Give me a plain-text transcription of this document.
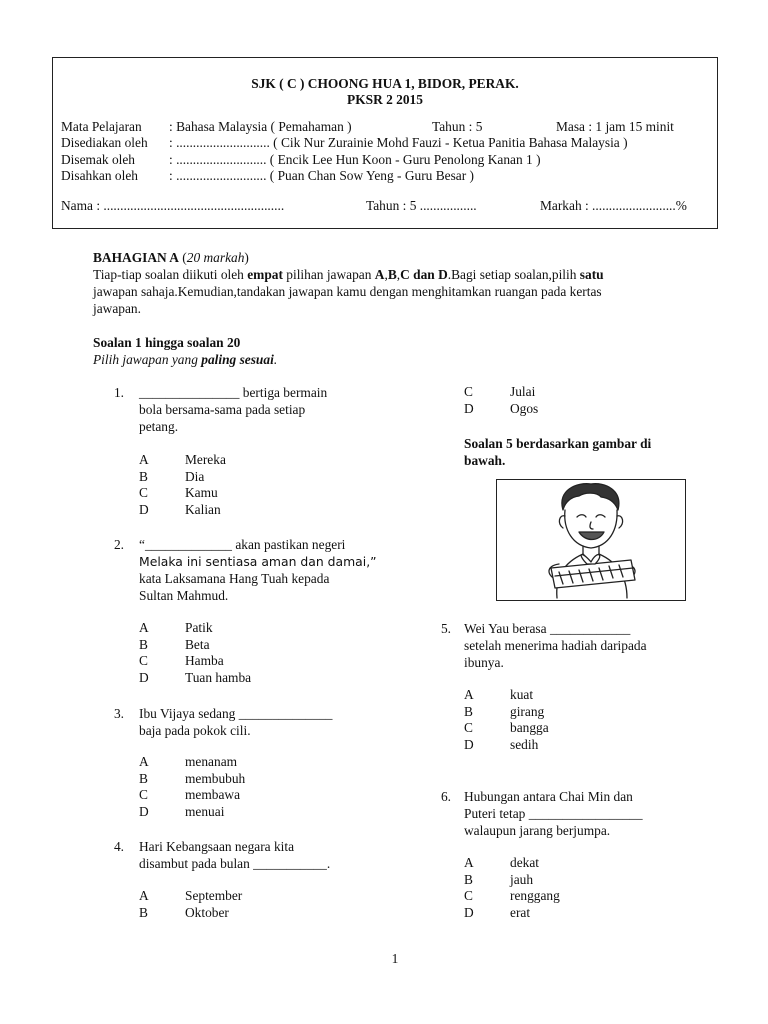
SJK ( C ) CHOONG HUA 1, BIDOR, PERAK.
PKSR 2 2015
Mata Pelajaran : Bahasa Malaysia ( Pemahaman )	Tahun : 5	Masa : 1 jam 15 minit
Disediakan oleh : ............................ ( Cik Nur Zurainie Mohd Fauzi - Ketua Panitia Bahasa Malaysia )
Disemak oleh	: ........................... ( Encik Lee Hun Koon - Guru Penolong Kanan 1 )
Disahkan oleh : ........................... ( Puan Chan Sow Yeng - Guru Besar )
Nama : ......................................................	Tahun : 5 .................	Markah : .........................%
BAHAGIAN A (20 markah)
Tiap-tiap soalan diikuti oleh empat pilihan jawapan A,B,C dan D.Bagi setiap soalan,pilih satu
jawapan sahaja.Kemudian,tandakan jawapan kamu dengan menghitamkan ruangan pada kertas
jawapan.
Soalan 1 hingga soalan 20
Pilih jawapan yang paling sesuai.
1. _______________ bertiga bermain
bola bersama-sama pada setiap
petang.
A	Mereka
B	Dia
C	Kamu
D	Kalian
2. “_____________ akan pastikan negeri
Melaka ini sentiasa aman dan damai,”
kata Laksamana Hang Tuah kepada
Sultan Mahmud.
A	Patik
B	Beta
C	Hamba
D	Tuan hamba
3. Ibu Vijaya sedang ______________
baja pada pokok cili.
A	menanam
B	membubuh
C	membawa
D	menuai
4. Hari Kebangsaan negara kita
disambut pada bulan ___________.
A	September
B	Oktober
C	Julai
D	Ogos
Soalan 5 berdasarkan gambar di
bawah.
5. Wei Yau berasa ____________
setelah menerima hadiah daripada
ibunya.
A	kuat
B	girang
C	bangga
D	sedih
6. Hubungan antara Chai Min dan
Puteri tetap _________________
walaupun jarang berjumpa.
A	dekat
B	jauh
C	renggang
D	erat
1
